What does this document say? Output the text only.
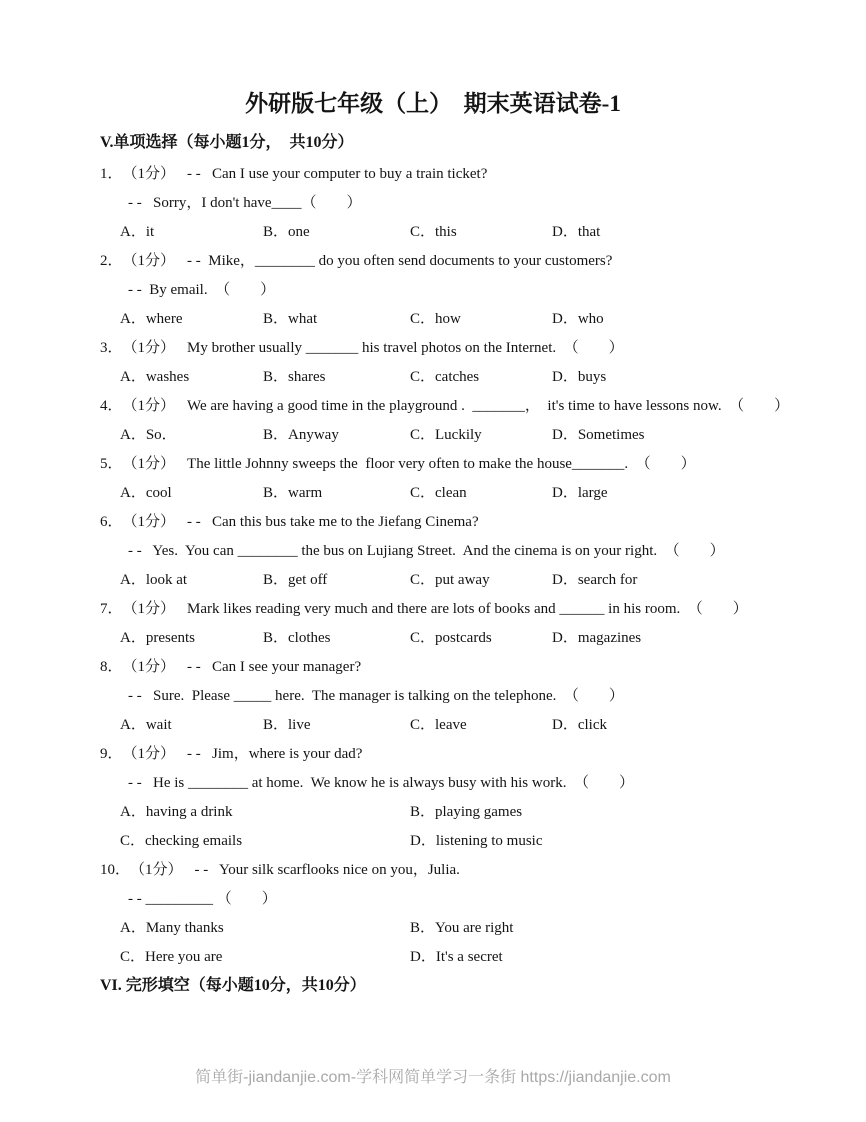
外研版七年级（上）　期末英语试卷-1
V.单项选择（每小题1分，　共10分）
1．（1分） - -   Can I use your computer to buy a train ticket?
- -   Sorry，I don't have____（　　）
A．it	B．one	C．this	D．that
2．（1分） - -  Mike，________ do you often send documents to your customers?
- -  By email.  （　　）
A．where	B．what	C．how	D．who
3．（1分） My brother usually _______ his travel photos on the Internet.  （　　）
A．washes	B．shares	C．catches	D．buys
4．（1分） We are having a good time in the playground .  _______，  it's time to have lessons now.  （　　）
A．So．	B．Anyway	C．Luckily	D．Sometimes
5．（1分） The little Johnny sweeps the  floor very often to make the house_______.  （　　）
A．cool	B．warm	C．clean	D．large
6．（1分） - -   Can this bus take me to the Jiefang Cinema?
- -   Yes.  You can ________ the bus on Lujiang Street.  And the cinema is on your right.  （　　）
A．look at	B．get off	C．put away	D．search for
7．（1分） Mark likes reading very much and there are lots of books and ______ in his room.  （　　）
A．presents	B．clothes	C．postcards	D．magazines
8．（1分） - -   Can I see your manager?
- -   Sure.  Please _____ here.  The manager is talking on the telephone.  （　　）
A．wait	B．live	C．leave	D．click
9．（1分） - -   Jim，where is your dad?
- -   He is ________ at home.  We know he is always busy with his work.  （　　）
A．having a drink	B．playing games
C．checking emails	D．listening to music
10．（1分） - -   Your silk scarflooks nice on you，Julia.
- - _________ （　　）
A．Many thanks	B．You are right
C．Here you are	D．It's a secret
VI. 完形填空（每小题10分，共10分）
简单街-jiandanjie.com-学科网简单学习一条街 https://jiandanjie.com
